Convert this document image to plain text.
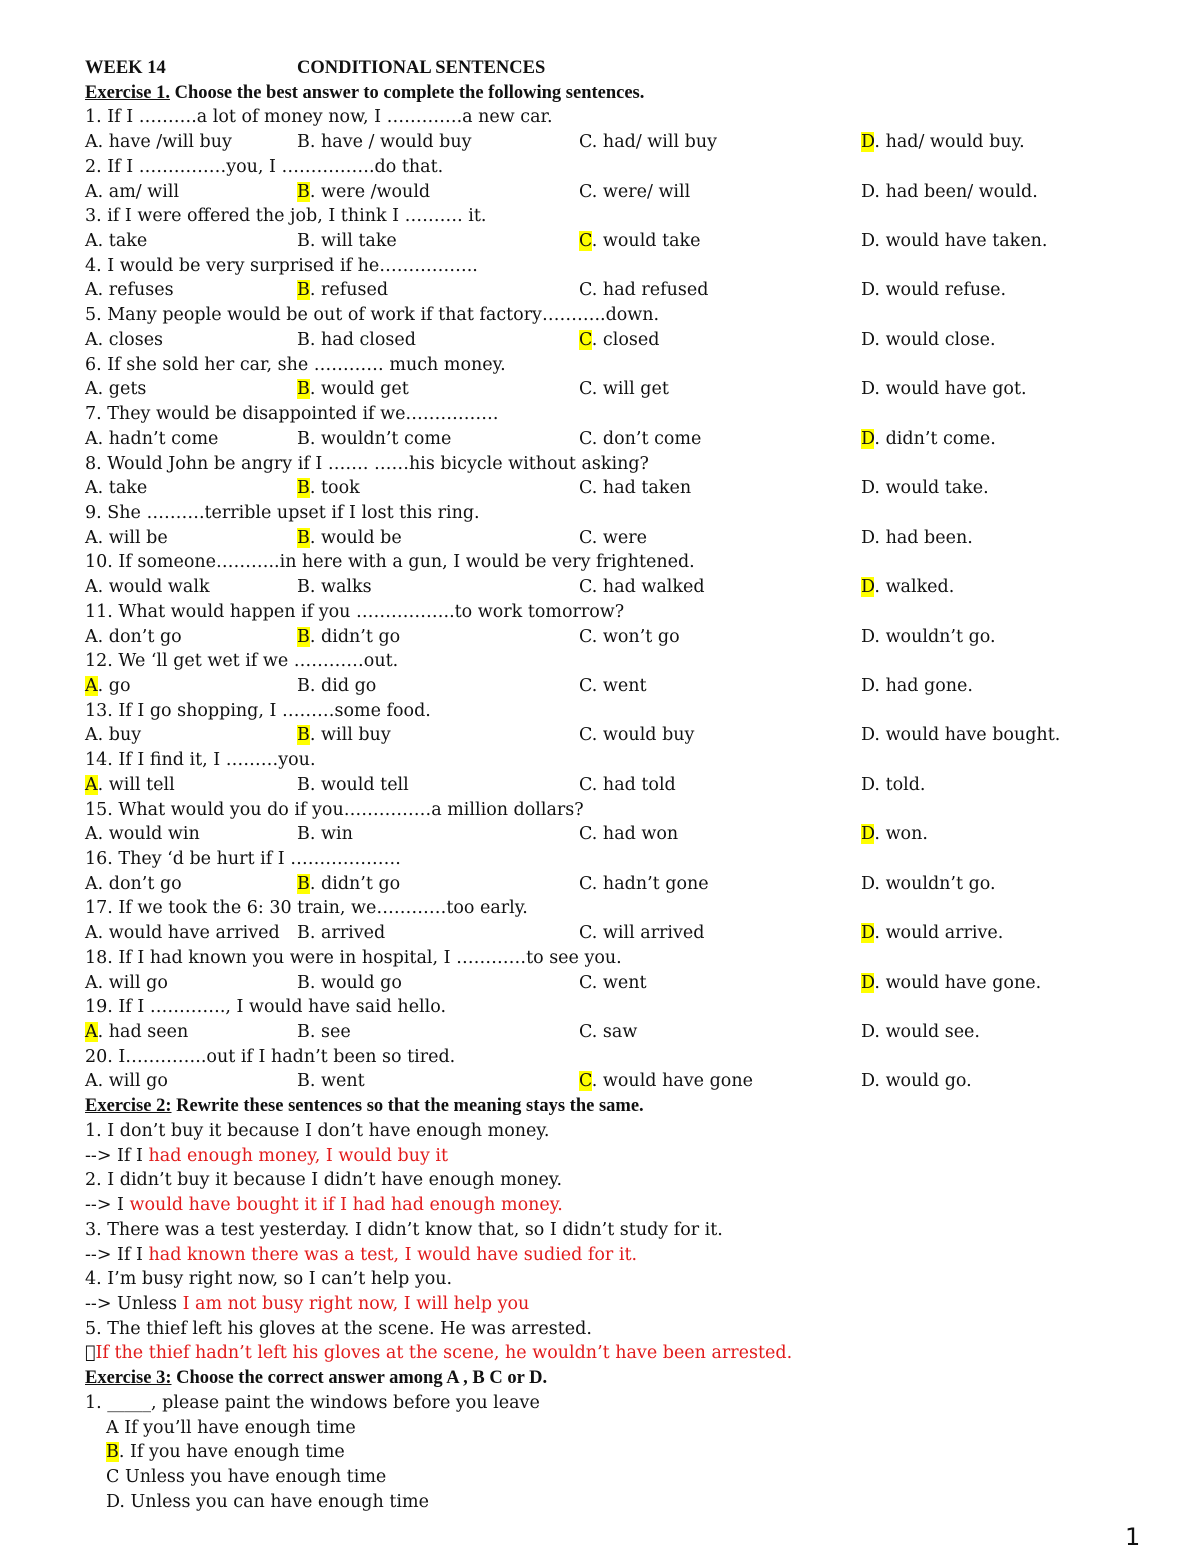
WEEK 14	CONDITIONAL SENTENCES
Exercise 1. Choose the best answer to complete the following sentences.
1. If I ……….a lot of money now, I ………….a new car.
A. have /will buy	B. have / would buy	C. had/ will buy	D. had/ would buy.
2. If I ……………you, I …………….do that.
A. am/ will	B. were /would	C. were/ will	D. had been/ would.
3. if I were offered the job, I think I ………. it.
A. take	B. will take	C. would take	D. would have taken.
4. I would be very surprised if he……………..
A. refuses	B. refused	C. had refused	D. would refuse.
5. Many people would be out of work if that factory………..down.
A. closes	B. had closed	C. closed	D. would close.
6. If she sold her car, she ………… much money.
A. gets	B. would get	C. will get	D. would have got.
7. They would be disappointed if we…………….
A. hadn’t come	B. wouldn’t come	C. don’t come	D. didn’t come.
8. Would John be angry if I ……. ……his bicycle without asking?
A. take	B. took	C. had taken	D. would take.
9. She ……….terrible upset if I lost this ring.
A. will be	B. would be	C. were	D. had been.
10. If someone………..in here with a gun, I would be very frightened.
A. would walk	B. walks	C. had walked	D. walked.
11. What would happen if you ……………..to work tomorrow?
A. don’t go	B. didn’t go	C. won’t go	D. wouldn’t go.
12. We ‘ll get wet if we …………out.
A. go	B. did go	C. went	D. had gone.
13. If I go shopping, I ………some food.
A. buy	B. will buy	C. would buy	D. would have bought.
14. If I find it, I ………you.
A. will tell	B. would tell	C. had told	D. told.
15. What would you do if you……………a million dollars?
A. would win	B. win	C. had won	D. won.
16. They ‘d be hurt if I ……………….
A. don’t go	B. didn’t go	C. hadn’t gone	D. wouldn’t go.
17. If we took the 6: 30 train, we…………too early.
A. would have arrived B. arrived	C. will arrived	D. would arrive.
18. If I had known you were in hospital, I …………to see you.
A. will go	B. would go	C. went	D. would have gone.
19. If I …………., I would have said hello.
A. had seen	B. see	C. saw	D. would see.
20. I…………..out if I hadn’t been so tired.
A. will go	B. went	C. would have gone	D. would go.
Exercise 2: Rewrite these sentences so that the meaning stays the same.
1. I don’t buy it because I don’t have enough money.
--> If I had enough money, I would buy it
2. I didn’t buy it because I didn’t have enough money.
--> I would have bought it if I had had enough money.
3. There was a test yesterday. I didn’t know that, so I didn’t study for it.
--> If I had known there was a test, I would have sudied for it.
4. I’m busy right now, so I can’t help you.
--> Unless I am not busy right now, I will help you
5. The thief left his gloves at the scene. He was arrested.
If the thief hadn’t left his gloves at the scene, he wouldn’t have been arrested.
Exercise 3: Choose the correct answer among A , B C or D.
1. _____, please paint the windows before you leave
A If you’ll have enough time
B. If you have enough time
C Unless you have enough time
D. Unless you can have enough time
1
